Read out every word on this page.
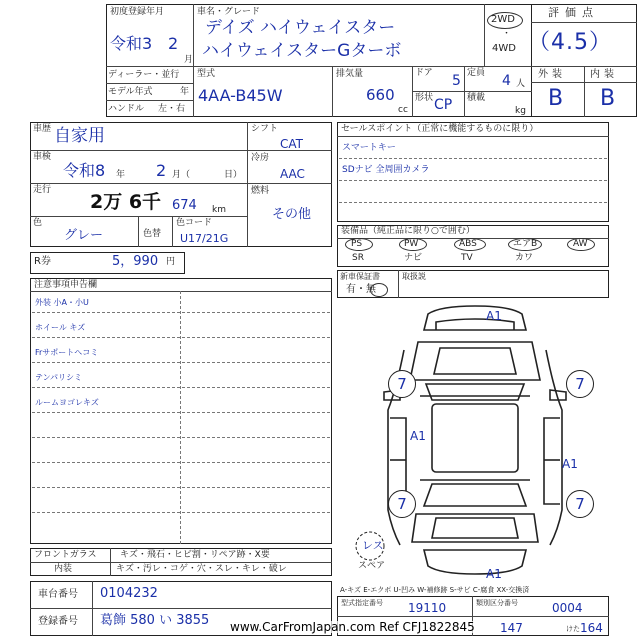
初度登録年月
令和3 2
月
車名・グレード
デイズ ハイウェイスター
ハイウェイスターGターボ
2WD
・
4WD
ディーラー・並行
モデル年式	年
ハンドル 左・右
型式
4AA-B45W
排気量
660
cc
ドア 5 定員 4 人
形状 CP 積載
kg
評価点
（4.5）
外装 内装
B B
車歴 自家用
車検
令和8 年 2 月（	日）
走行
2万 6千 674 km
色
グレー	色替
色コード
U17/21G
シフト
CAT
冷房
AAC
燃料
その他
R券	5，990 円
セールスポイント（正常に機能するものに限り）
スマートキー
SDナビ 全周囲カメラ
装備品（純正品に限り○で囲む）
PS	PW	ABS	エアB	AW
SR	ナビ	TV	カワ
新車保証書
有・無
取扱説
注意事項申告欄
外装 小A・小U
ホイール キズ
Frサポートヘコミ
テンパリシミ
ルームヨゴレキズ
7	7
7	7
A1
A1
A1
A1
レス
スペア
A-キズ E-エクボ U-凹み W-補修跡 S-サビ C-腐食 XX-交換済
フロントガラス	キズ・飛石・ヒビ割・リペア跡・X要
内装	キズ・汚レ・コゲ・穴・スレ・キレ・破レ
車台番号 0104232
登録番号 葛飾 580 い 3855
型式指定番号 19110	類別区分番号	0004
147	けた 164
www.CarFromJapan.com Ref CFJ1822845
